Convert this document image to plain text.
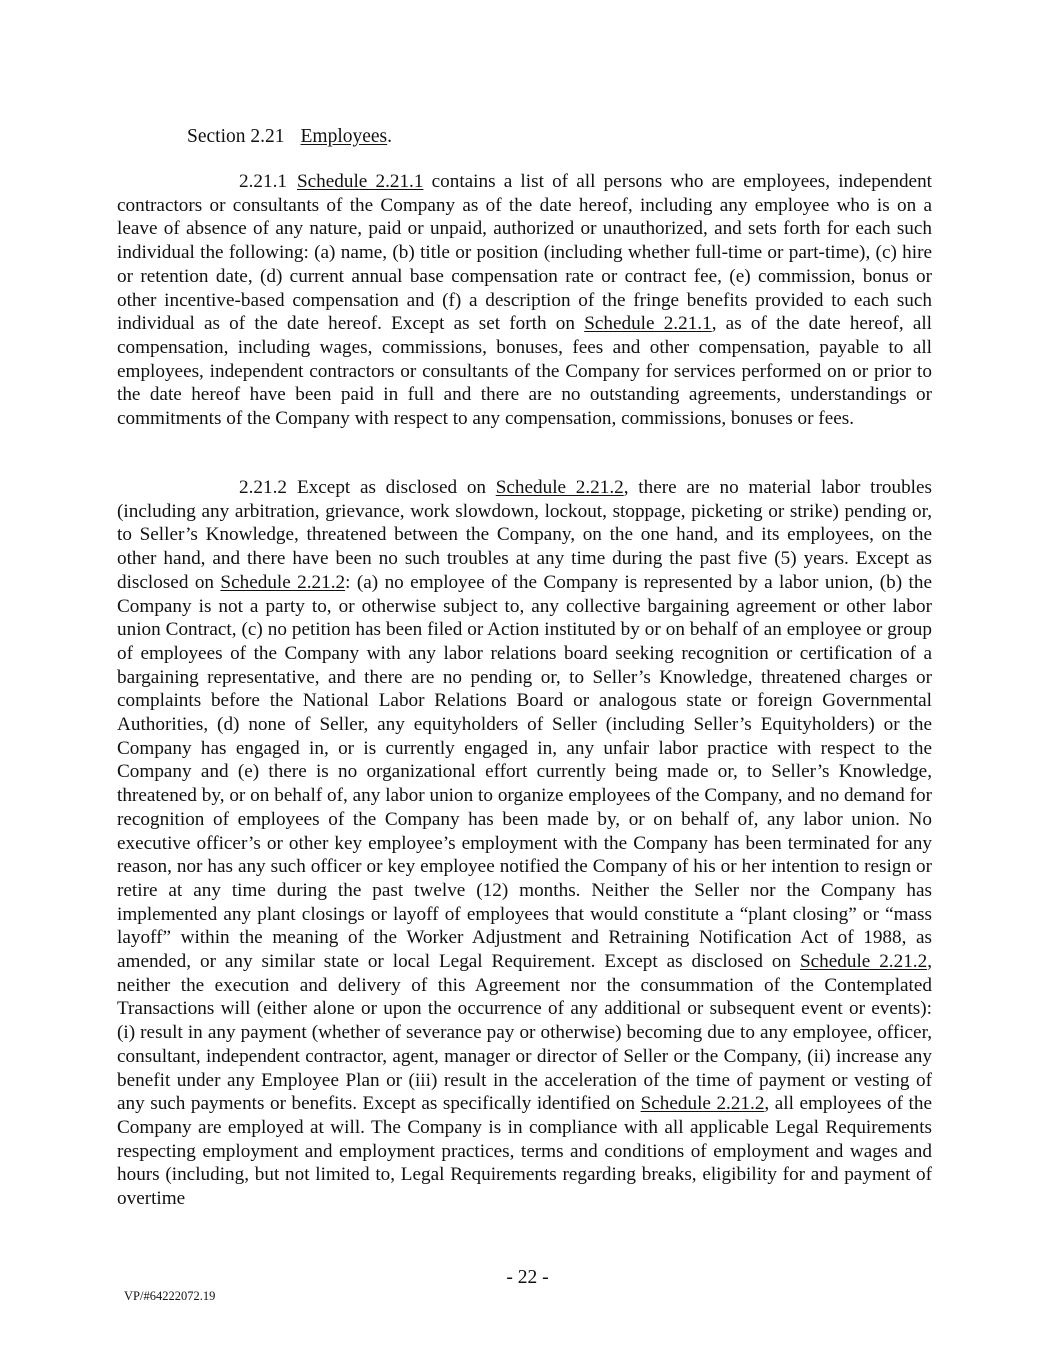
Section 2.21 Employees.
2.21.1 Schedule 2.21.1 contains a list of all persons who are employees, independent contractors or consultants of the Company as of the date hereof, including any employee who is on a leave of absence of any nature, paid or unpaid, authorized or unauthorized, and sets forth for each such individual the following: (a) name, (b) title or position (including whether full-time or part-time), (c) hire or retention date, (d) current annual base compensation rate or contract fee, (e) commission, bonus or other incentive-based compensation and (f) a description of the fringe benefits provided to each such individual as of the date hereof. Except as set forth on Schedule 2.21.1, as of the date hereof, all compensation, including wages, commissions, bonuses, fees and other compensation, payable to all employees, independent contractors or consultants of the Company for services performed on or prior to the date hereof have been paid in full and there are no outstanding agreements, understandings or commitments of the Company with respect to any compensation, commissions, bonuses or fees.
2.21.2 Except as disclosed on Schedule 2.21.2, there are no material labor troubles (including any arbitration, grievance, work slowdown, lockout, stoppage, picketing or strike) pending or, to Seller’s Knowledge, threatened between the Company, on the one hand, and its employees, on the other hand, and there have been no such troubles at any time during the past five (5) years. Except as disclosed on Schedule 2.21.2: (a) no employee of the Company is represented by a labor union, (b) the Company is not a party to, or otherwise subject to, any collective bargaining agreement or other labor union Contract, (c) no petition has been filed or Action instituted by or on behalf of an employee or group of employees of the Company with any labor relations board seeking recognition or certification of a bargaining representative, and there are no pending or, to Seller’s Knowledge, threatened charges or complaints before the National Labor Relations Board or analogous state or foreign Governmental Authorities, (d) none of Seller, any equityholders of Seller (including Seller’s Equityholders) or the Company has engaged in, or is currently engaged in, any unfair labor practice with respect to the Company and (e) there is no organizational effort currently being made or, to Seller’s Knowledge, threatened by, or on behalf of, any labor union to organize employees of the Company, and no demand for recognition of employees of the Company has been made by, or on behalf of, any labor union. No executive officer’s or other key employee’s employment with the Company has been terminated for any reason, nor has any such officer or key employee notified the Company of his or her intention to resign or retire at any time during the past twelve (12) months. Neither the Seller nor the Company has implemented any plant closings or layoff of employees that would constitute a “plant closing” or “mass layoff” within the meaning of the Worker Adjustment and Retraining Notification Act of 1988, as amended, or any similar state or local Legal Requirement. Except as disclosed on Schedule 2.21.2, neither the execution and delivery of this Agreement nor the consummation of the Contemplated Transactions will (either alone or upon the occurrence of any additional or subsequent event or events): (i) result in any payment (whether of severance pay or otherwise) becoming due to any employee, officer, consultant, independent contractor, agent, manager or director of Seller or the Company, (ii) increase any benefit under any Employee Plan or (iii) result in the acceleration of the time of payment or vesting of any such payments or benefits. Except as specifically identified on Schedule 2.21.2, all employees of the Company are employed at will. The Company is in compliance with all applicable Legal Requirements respecting employment and employment practices, terms and conditions of employment and wages and hours (including, but not limited to, Legal Requirements regarding breaks, eligibility for and payment of overtime
- 22 -
VP/#64222072.19
